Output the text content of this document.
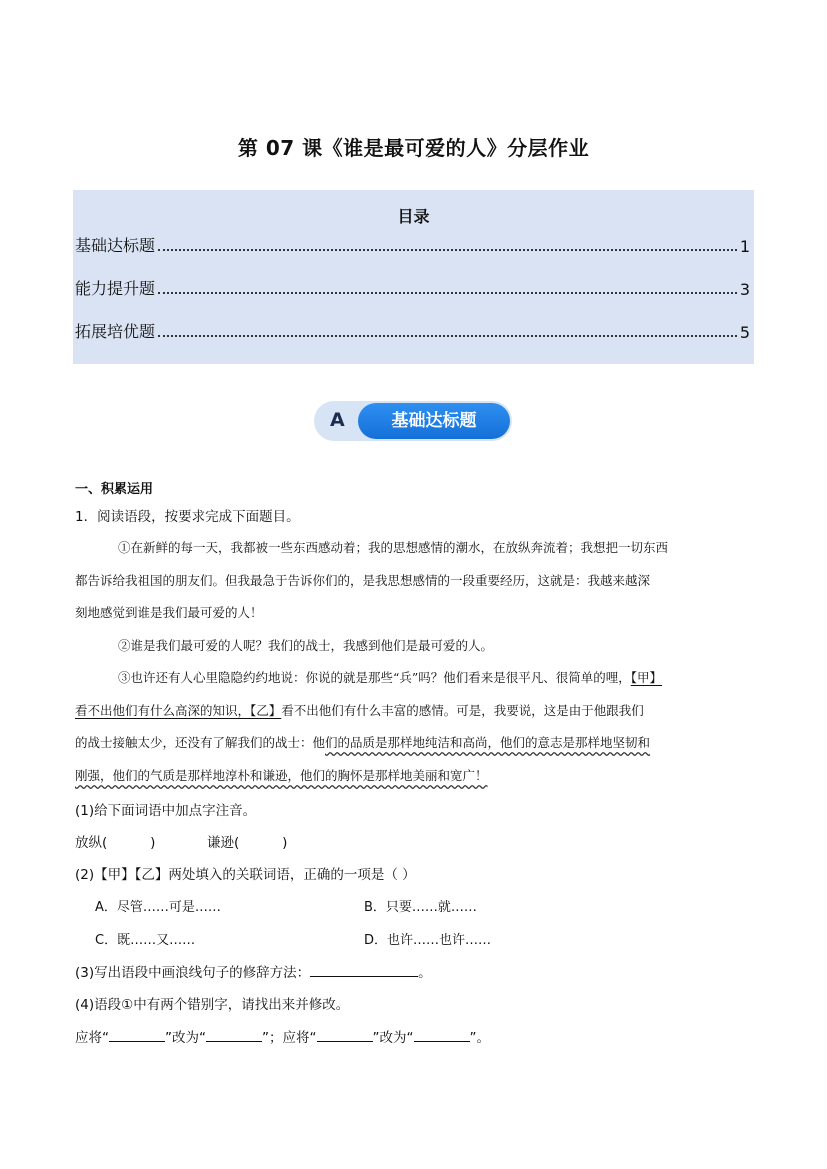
第 07 课《谁是最可爱的人》分层作业
目录
基础达标题	1
能力提升题	3
拓展培优题	5
A	基础达标题
一、积累运用
1．阅读语段，按要求完成下面题目。
①在新鲜的每一天，我都被一些东西感动着；我的思想感情的潮水，在放纵奔流着；我想把一切东西
都告诉给我祖国的朋友们。但我最急于告诉你们的，是我思想感情的一段重要经历，这就是：我越来越深
刻地感觉到谁是我们最可爱的人！
②谁是我们最可爱的人呢？我们的战士，我感到他们是最可爱的人。
③也许还有人心里隐隐约约地说：你说的就是那些“兵”吗？他们看来是很平凡、很简单的哩，【甲】
看不出他们有什么高深的知识，【乙】看不出他们有什么丰富的感情。可是，我要说，这是由于他跟我们
的战士接触太少，还没有了解我们的战士：他们的品质是那样地纯洁和高尚，他们的意志是那样地坚韧和
刚强，他们的气质是那样地淳朴和谦逊，他们的胸怀是那样地美丽和宽广！
(1)给下面词语中加点字注音。
放纵(          )            谦逊(          )
(2)【甲】【乙】两处填入的关联词语，正确的一项是（ ）
A．尽管……可是……	B．只要……就……
C．既……又……	D．也许……也许……
(3)写出语段中画浪线句子的修辞方法：	。
(4)语段①中有两个错别字，请找出来并修改。
应将“	”改为“	”；应将“	”改为“	”。
